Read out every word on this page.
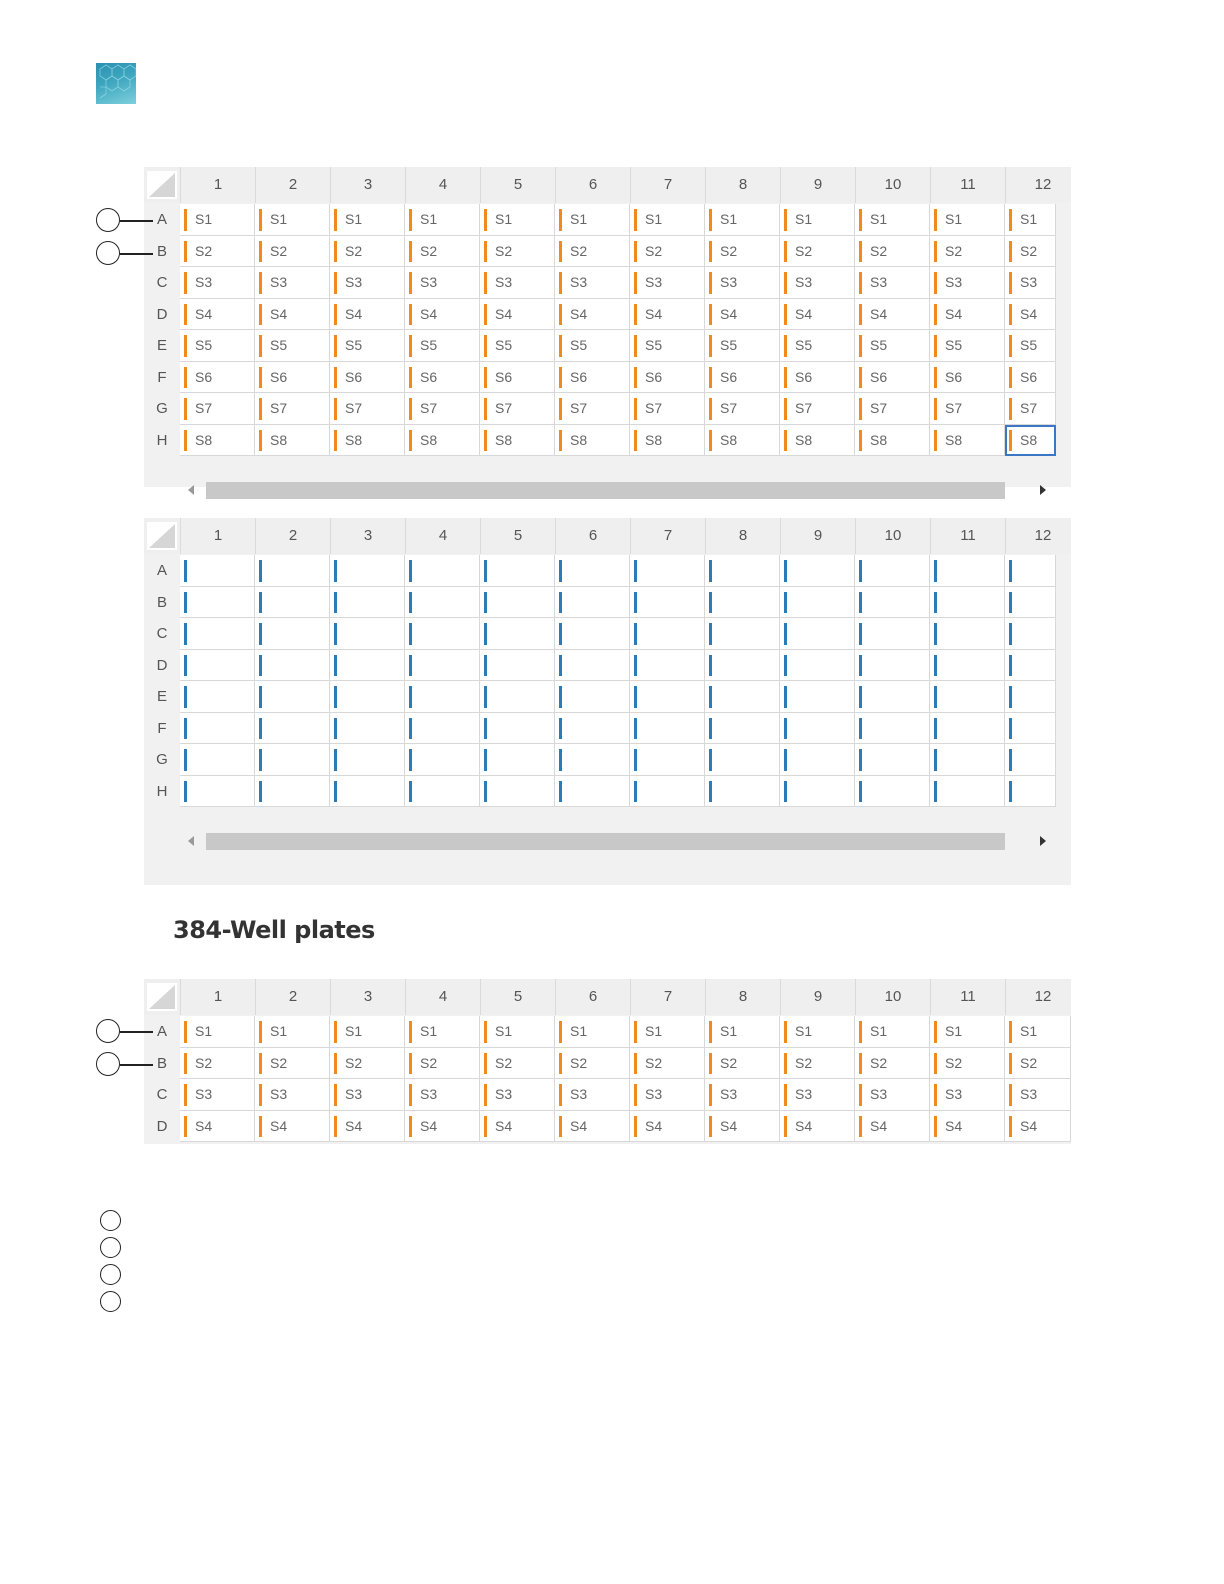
1	2	3	4	5	6	7	8	9	10	11	12
A	S1	S1	S1	S1	S1	S1	S1	S1	S1	S1	S1	S1
B	S2	S2	S2	S2	S2	S2	S2	S2	S2	S2	S2	S2
C	S3	S3	S3	S3	S3	S3	S3	S3	S3	S3	S3	S3
D	S4	S4	S4	S4	S4	S4	S4	S4	S4	S4	S4	S4
E	S5	S5	S5	S5	S5	S5	S5	S5	S5	S5	S5	S5
F	S6	S6	S6	S6	S6	S6	S6	S6	S6	S6	S6	S6
G	S7	S7	S7	S7	S7	S7	S7	S7	S7	S7	S7	S7
H	S8	S8	S8	S8	S8	S8	S8	S8	S8	S8	S8	S8
1	2	3	4	5	6	7	8	9	10	11	12
A
B
C
D
E
F
G
H
384-Well plates
1	2	3	4	5	6	7	8	9	10	11	12
A	S1	S1	S1	S1	S1	S1	S1	S1	S1	S1	S1	S1
B	S2	S2	S2	S2	S2	S2	S2	S2	S2	S2	S2	S2
C	S3	S3	S3	S3	S3	S3	S3	S3	S3	S3	S3	S3
D	S4	S4	S4	S4	S4	S4	S4	S4	S4	S4	S4	S4
